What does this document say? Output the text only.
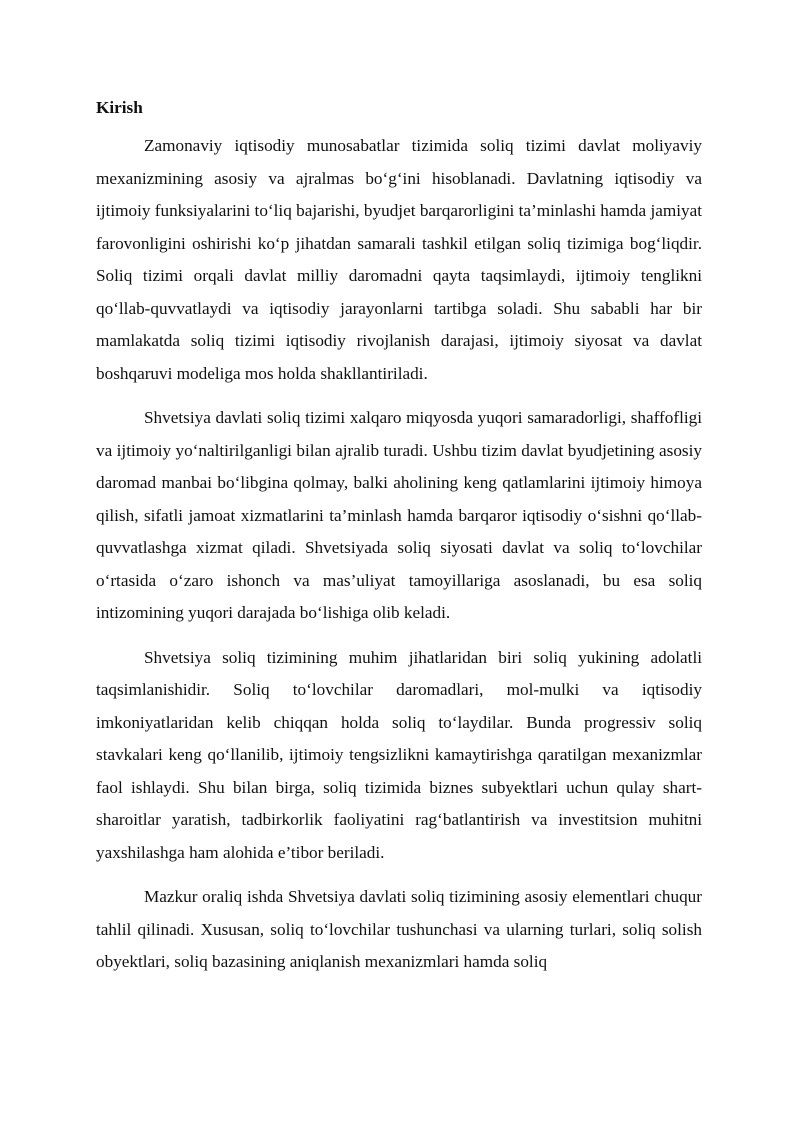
Kirish

Zamonaviy iqtisodiy munosabatlar tizimida soliq tizimi davlat moliyaviy mexanizmining asosiy va ajralmas bo‘g‘ini hisoblanadi. Davlatning iqtisodiy va ijtimoiy funksiyalarini to‘liq bajarishi, byudjet barqarorligini ta’minlashi hamda jamiyat farovonligini oshirishi ko‘p jihatdan samarali tashkil etilgan soliq tizimiga bog‘liqdir. Soliq tizimi orqali davlat milliy daromadni qayta taqsimlaydi, ijtimoiy tenglikni qo‘llab-quvvatlaydi va iqtisodiy jarayonlarni tartibga soladi. Shu sababli har bir mamlakatda soliq tizimi iqtisodiy rivojlanish darajasi, ijtimoiy siyosat va davlat boshqaruvi modeliga mos holda shakllantiriladi.

Shvetsiya davlati soliq tizimi xalqaro miqyosda yuqori samaradorligi, shaffofligi va ijtimoiy yo‘naltirilganligi bilan ajralib turadi. Ushbu tizim davlat byudjetining asosiy daromad manbai bo‘libgina qolmay, balki aholining keng qatlamlarini ijtimoiy himoya qilish, sifatli jamoat xizmatlarini ta’minlash hamda barqaror iqtisodiy o‘sishni qo‘llab-quvvatlashga xizmat qiladi. Shvetsiyada soliq siyosati davlat va soliq to‘lovchilar o‘rtasida o‘zaro ishonch va mas’uliyat tamoyillariga asoslanadi, bu esa soliq intizomining yuqori darajada bo‘lishiga olib keladi.

Shvetsiya soliq tizimining muhim jihatlaridan biri soliq yukining adolatli taqsimlanishidir. Soliq to‘lovchilar daromadlari, mol-mulki va iqtisodiy imkoniyatlaridan kelib chiqqan holda soliq to‘laydilar. Bunda progressiv soliq stavkalari keng qo‘llanilib, ijtimoiy tengsizlikni kamaytirishga qaratilgan mexanizmlar faol ishlaydi. Shu bilan birga, soliq tizimida biznes subyektlari uchun qulay shart-sharoitlar yaratish, tadbirkorlik faoliyatini rag‘batlantirish va investitsion muhitni yaxshilashga ham alohida e’tibor beriladi.

Mazkur oraliq ishda Shvetsiya davlati soliq tizimining asosiy elementlari chuqur tahlil qilinadi. Xususan, soliq to‘lovchilar tushunchasi va ularning turlari, soliq solish obyektlari, soliq bazasining aniqlanish mexanizmlari hamda soliq
